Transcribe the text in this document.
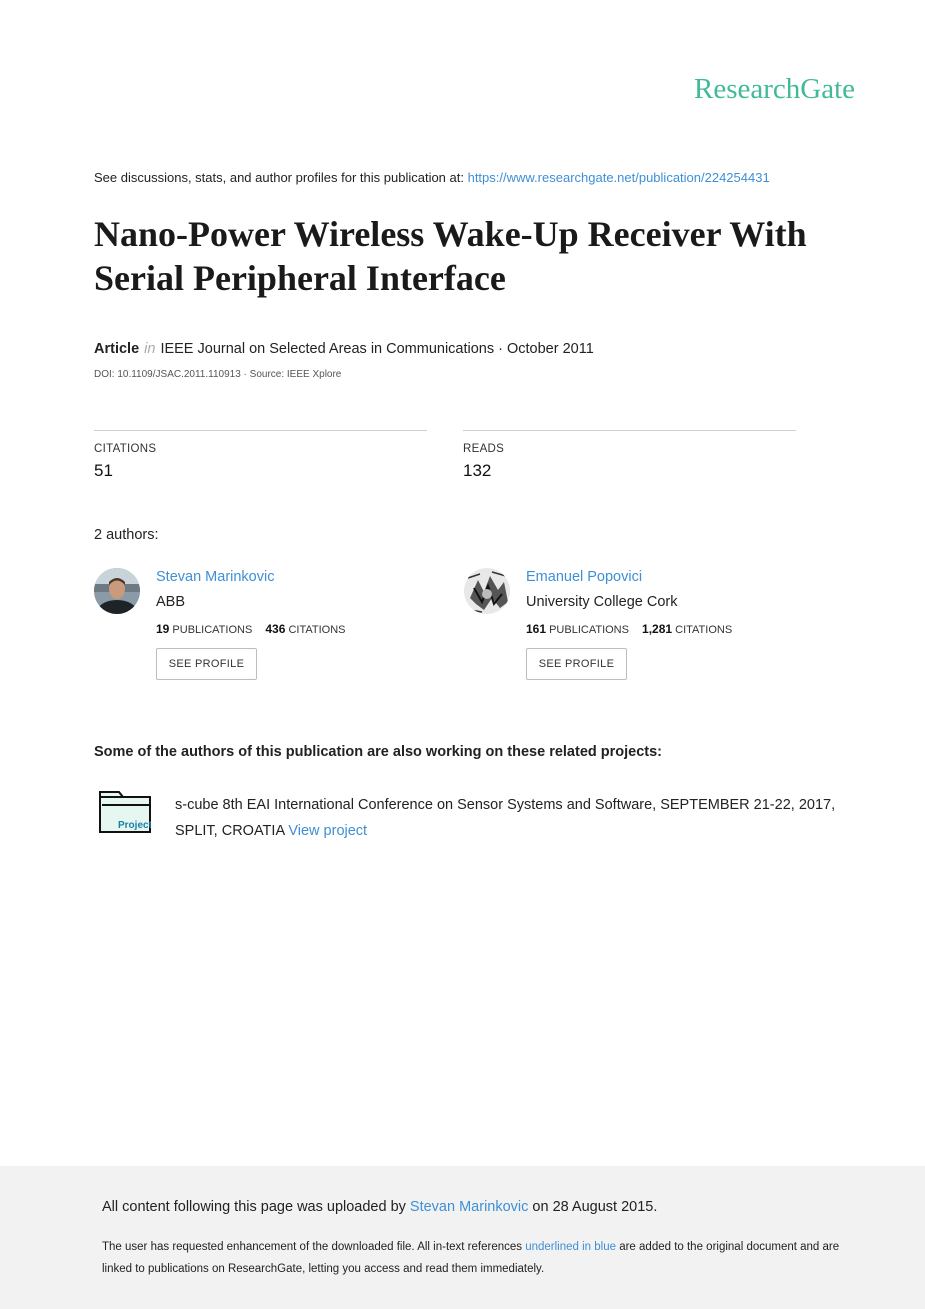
ResearchGate
See discussions, stats, and author profiles for this publication at: https://www.researchgate.net/publication/224254431
Nano-Power Wireless Wake-Up Receiver With Serial Peripheral Interface
Article in IEEE Journal on Selected Areas in Communications · October 2011
DOI: 10.1109/JSAC.2011.110913 · Source: IEEE Xplore
CITATIONS
51
READS
132
2 authors:
Stevan Marinkovic
ABB
19 PUBLICATIONS 436 CITATIONS
SEE PROFILE
Emanuel Popovici
University College Cork
161 PUBLICATIONS 1,281 CITATIONS
SEE PROFILE
Some of the authors of this publication are also working on these related projects:
Project
s-cube 8th EAI International Conference on Sensor Systems and Software, SEPTEMBER 21-22, 2017, SPLIT, CROATIA View project
All content following this page was uploaded by Stevan Marinkovic on 28 August 2015.
The user has requested enhancement of the downloaded file. All in-text references underlined in blue are added to the original document and are linked to publications on ResearchGate, letting you access and read them immediately.
